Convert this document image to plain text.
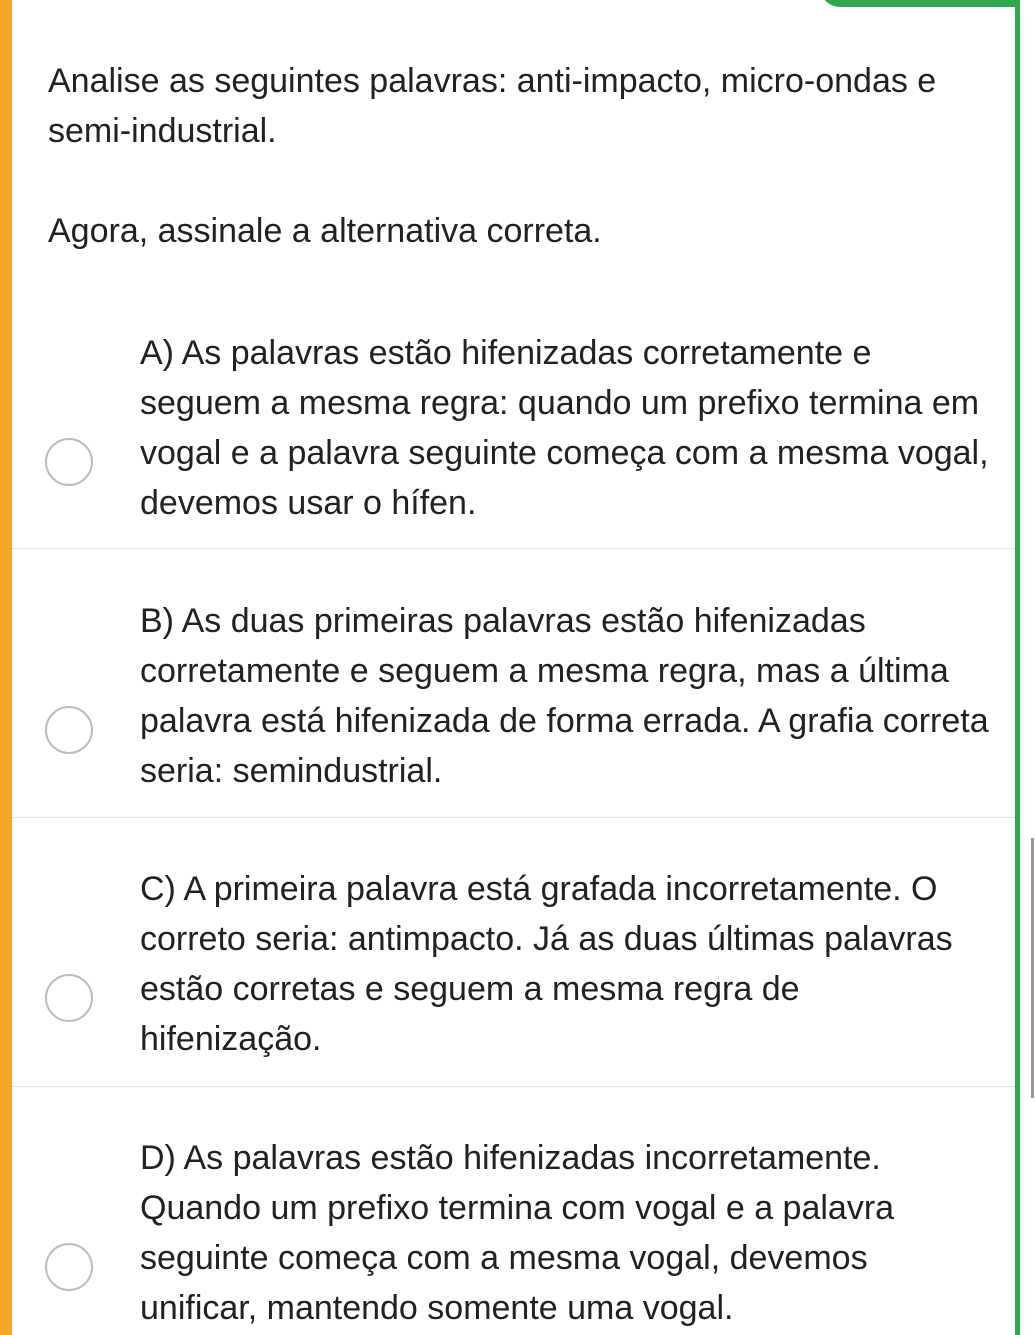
Analise as seguintes palavras: anti-impacto, micro-ondas e semi-industrial.

Agora, assinale a alternativa correta.

A) As palavras estão hifenizadas corretamente e seguem a mesma regra: quando um prefixo termina em vogal e a palavra seguinte começa com a mesma vogal, devemos usar o hífen.
B) As duas primeiras palavras estão hifenizadas corretamente e seguem a mesma regra, mas a última palavra está hifenizada de forma errada. A grafia correta seria: semindustrial.
C) A primeira palavra está grafada incorretamente. O correto seria: antimpacto. Já as duas últimas palavras estão corretas e seguem a mesma regra de hifenização.
D) As palavras estão hifenizadas incorretamente. Quando um prefixo termina com vogal e a palavra seguinte começa com a mesma vogal, devemos unificar, mantendo somente uma vogal.
